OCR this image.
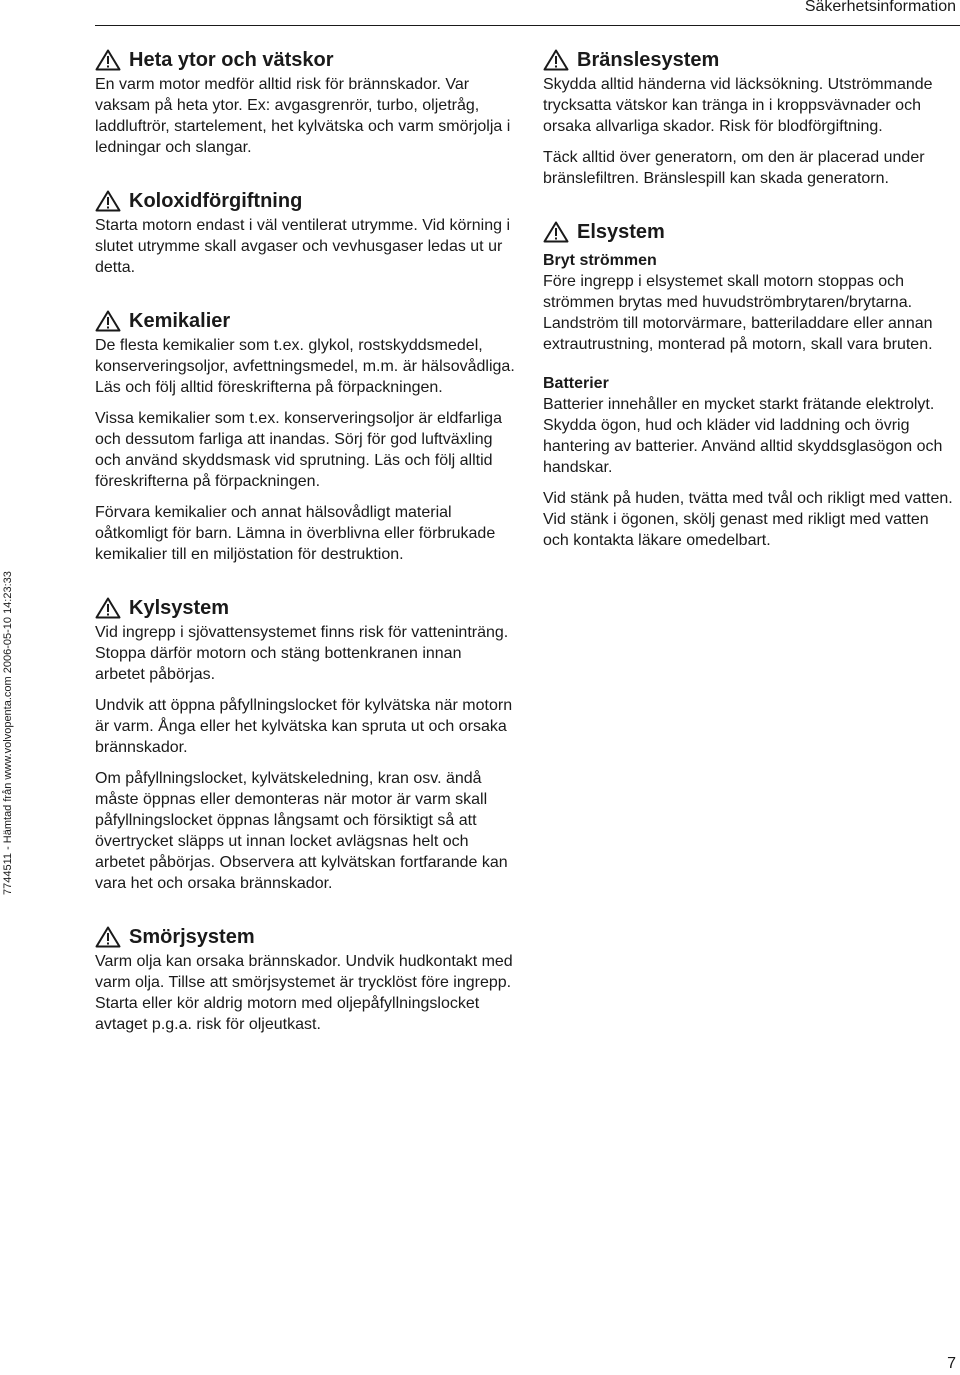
Säkerhetsinformation
7744511 - Hämtad från www.volvopenta.com 2006-05-10 14:23:33
Heta ytor och vätskor

En varm motor medför alltid risk för brännskador. Var vaksam på heta ytor. Ex: avgasgrenrör, turbo, oljetråg, laddluftrör, startelement, het kylvätska och varm smörjolja i ledningar och slangar.

Koloxidförgiftning

Starta motorn endast i väl ventilerat utrymme. Vid körning i slutet utrymme skall avgaser och vevhusgaser ledas ut ur detta.

Kemikalier

De flesta kemikalier som t.ex. glykol, rostskyddsmedel, konserveringsoljor, avfettningsmedel, m.m. är hälsovådliga. Läs och följ alltid föreskrifterna på förpackningen.

Vissa kemikalier som t.ex. konserveringsoljor är eldfarliga och dessutom farliga att inandas. Sörj för god luftväxling och använd skyddsmask vid sprutning. Läs och följ alltid föreskrifterna på förpackningen.

Förvara kemikalier och annat hälsovådligt material oåtkomligt för barn. Lämna in överblivna eller förbrukade kemikalier till en miljöstation för destruktion.

Kylsystem

Vid ingrepp i sjövattensystemet finns risk för vatteninträng. Stoppa därför motorn och stäng bottenkranen innan arbetet påbörjas.

Undvik att öppna påfyllningslocket för kylvätska när motorn är varm. Ånga eller het kylvätska kan spruta ut och orsaka brännskador.

Om påfyllningslocket, kylvätskeledning, kran osv. ändå måste öppnas eller demonteras när motor är varm skall påfyllningslocket öppnas långsamt och försiktigt så att övertrycket släpps ut innan locket avlägsnas helt och arbetet påbörjas. Observera att kylvätskan fortfarande kan vara het och orsaka brännskador.

Smörjsystem

Varm olja kan orsaka brännskador. Undvik hudkontakt med varm olja. Tillse att smörjsystemet är trycklöst före ingrepp. Starta eller kör aldrig motorn med oljepåfyllningslocket avtaget p.g.a. risk för oljeutkast.

Bränslesystem

Skydda alltid händerna vid läcksökning. Utströmmande trycksatta vätskor kan tränga in i kroppsvävnader och orsaka allvarliga skador. Risk för blodförgiftning.

Täck alltid över generatorn, om den är placerad under bränslefiltren. Bränslespill kan skada generatorn.

Elsystem
Bryt strömmen

Före ingrepp i elsystemet skall motorn stoppas och strömmen brytas med huvudströmbrytaren/brytarna. Landström till motorvärmare, batteriladdare eller annan extrautrustning, monterad på motorn, skall vara bruten.

Batterier

Batterier innehåller en mycket starkt frätande elektrolyt. Skydda ögon, hud och kläder vid laddning och övrig hantering av batterier. Använd alltid skyddsglasögon och handskar.

Vid stänk på huden, tvätta med tvål och rikligt med vatten. Vid stänk i ögonen, skölj genast med rikligt med vatten och kontakta läkare omedelbart.

7
